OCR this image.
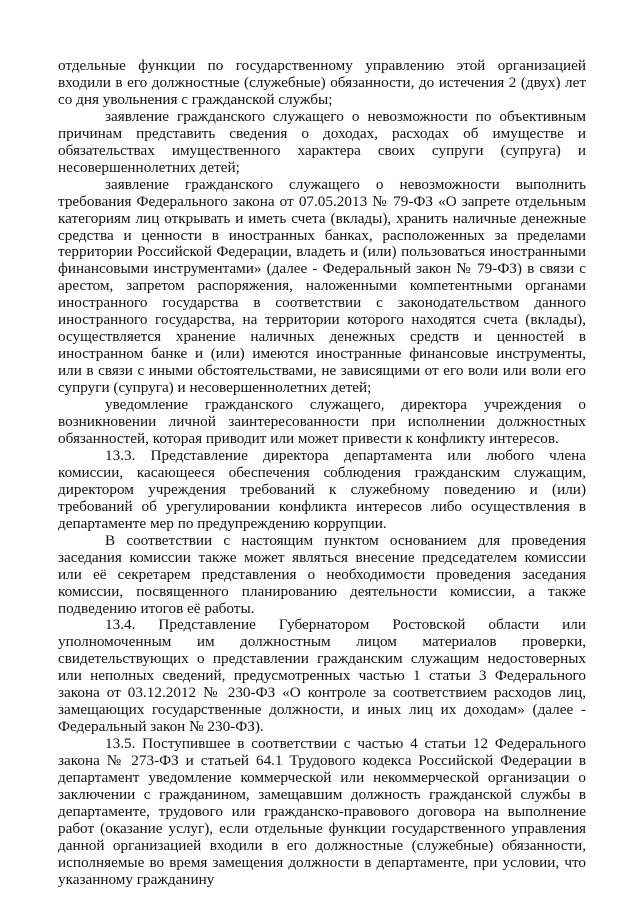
отдельные функции по государственному управлению этой организацией входили в его должностные (служебные) обязанности, до истечения 2 (двух) лет со дня увольнения с гражданской службы;

заявление гражданского служащего о невозможности по объективным причинам представить сведения о доходах, расходах об имуществе и обязательствах имущественного характера своих супруги (супруга) и несовершеннолетних детей;

заявление гражданского служащего о невозможности выполнить требования Федерального закона от 07.05.2013 № 79-ФЗ «О запрете отдельным категориям лиц открывать и иметь счета (вклады), хранить наличные денежные средства и ценности в иностранных банках, расположенных за пределами территории Российской Федерации, владеть и (или) пользоваться иностранными финансовыми инструментами» (далее - Федеральный закон № 79-ФЗ) в связи с арестом, запретом распоряжения, наложенными компетентными органами иностранного государства в соответствии с законодательством данного иностранного государства, на территории которого находятся счета (вклады), осуществляется хранение наличных денежных средств и ценностей в иностранном банке и (или) имеются иностранные финансовые инструменты, или в связи с иными обстоятельствами, не зависящими от его воли или воли его супруги (супруга) и несовершеннолетних детей;

уведомление гражданского служащего, директора учреждения о возникновении личной заинтересованности при исполнении должностных обязанностей, которая приводит или может привести к конфликту интересов.

13.3. Представление директора департамента или любого члена комиссии, касающееся обеспечения соблюдения гражданским служащим, директором учреждения требований к служебному поведению и (или) требований об урегулировании конфликта интересов либо осуществления в департаменте мер по предупреждению коррупции.

В соответствии с настоящим пунктом основанием для проведения заседания комиссии также может являться внесение председателем комиссии или её секретарем представления о необходимости проведения заседания комиссии, посвященного планированию деятельности комиссии, а также подведению итогов её работы.

13.4. Представление Губернатором Ростовской области или уполномоченным им должностным лицом материалов проверки, свидетельствующих о представлении гражданским служащим недостоверных или неполных сведений, предусмотренных частью 1 статьи 3 Федерального закона от 03.12.2012 № 230-ФЗ «О контроле за соответствием расходов лиц, замещающих государственные должности, и иных лиц их доходам» (далее - Федеральный закон № 230-ФЗ).

13.5. Поступившее в соответствии с частью 4 статьи 12 Федерального закона № 273-ФЗ и статьей 64.1 Трудового кодекса Российской Федерации в департамент уведомление коммерческой или некоммерческой организации о заключении с гражданином, замещавшим должность гражданской службы в департаменте, трудового или гражданско-правового договора на выполнение работ (оказание услуг), если отдельные функции государственного управления данной организацией входили в его должностные (служебные) обязанности, исполняемые во время замещения должности в департаменте, при условии, что указанному гражданину
